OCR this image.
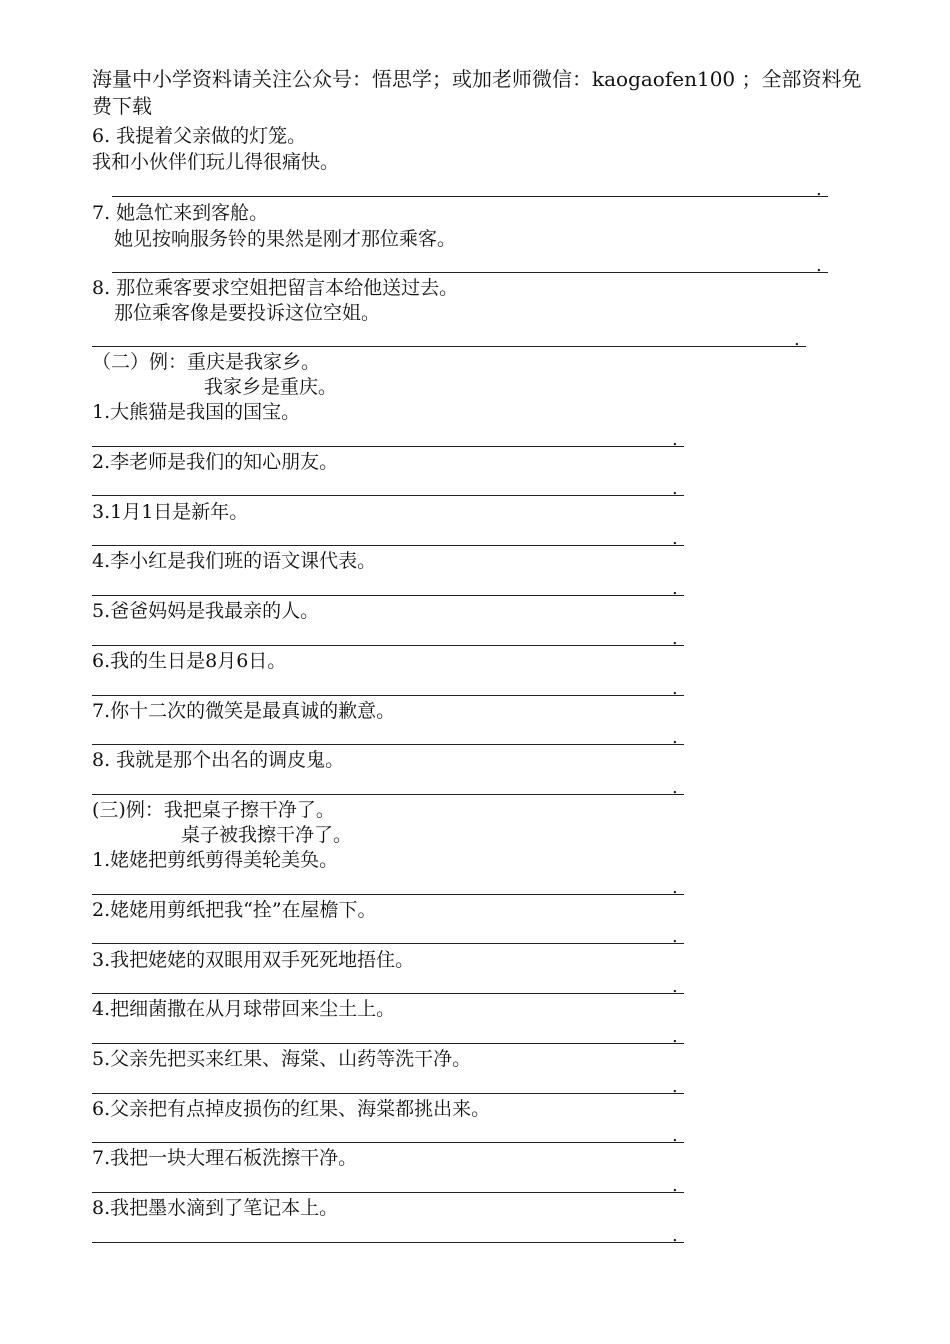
海量中小学资料请关注公众号：悟思学；或加老师微信：kaogaofen100 ；全部资料免费下载
6. 我提着父亲做的灯笼。
我和小伙伴们玩儿得很痛快。
.
7. 她急忙来到客舱。
她见按响服务铃的果然是刚才那位乘客。
.
8. 那位乘客要求空姐把留言本给他送过去。
那位乘客像是要投诉这位空姐。
.
（二）例：重庆是我家乡。
我家乡是重庆。
1.大熊猫是我国的国宝。
.
2.李老师是我们的知心朋友。
.
3.1月1日是新年。
.
4.李小红是我们班的语文课代表。
.
5.爸爸妈妈是我最亲的人。
.
6.我的生日是8月6日。
.
7.你十二次的微笑是最真诚的歉意。
.
8. 我就是那个出名的调皮鬼。
.
(三)例：我把桌子擦干净了。
桌子被我擦干净了。
1.姥姥把剪纸剪得美轮美奂。
.
2.姥姥用剪纸把我“拴”在屋檐下。
.
3.我把姥姥的双眼用双手死死地捂住。
.
4.把细菌撒在从月球带回来尘土上。
.
5.父亲先把买来红果、海棠、山药等洗干净。
.
6.父亲把有点掉皮损伤的红果、海棠都挑出来。
.
7.我把一块大理石板洗擦干净。
.
8.我把墨水滴到了笔记本上。
.
